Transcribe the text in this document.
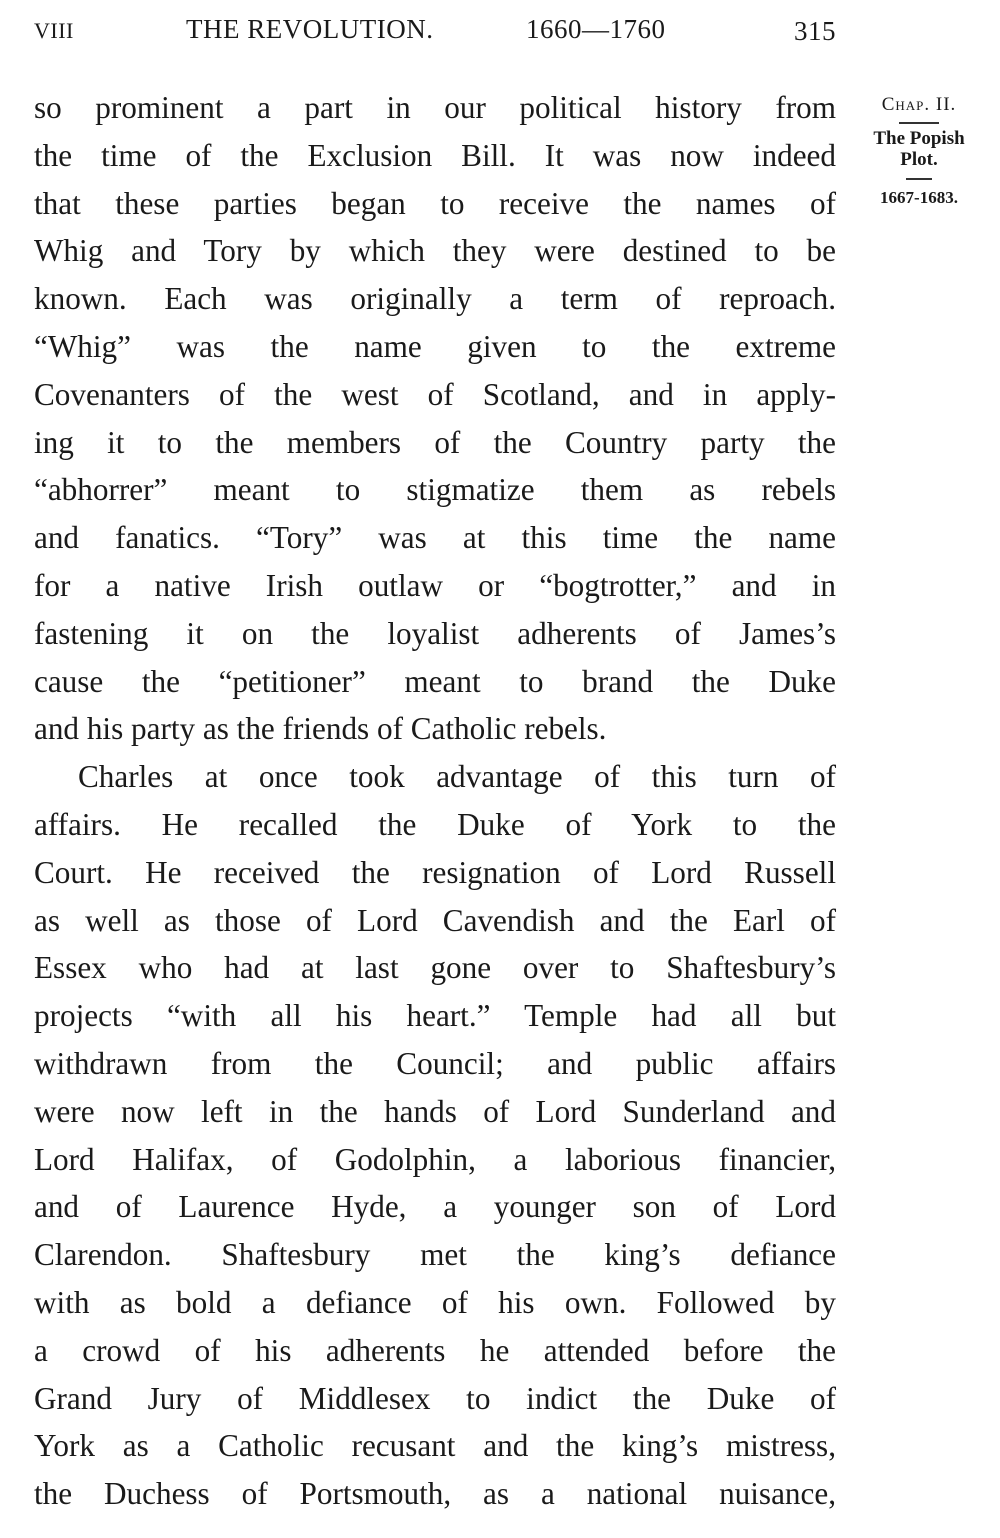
VIII	THE REVOLUTION.	1660—1760	315
Chap. II.
The Popish
Plot.
1667-1683.
so prominent a part in our political history from
the time of the Exclusion Bill. It was now indeed
that these parties began to receive the names of
Whig and Tory by which they were destined to be
known. Each was originally a term of reproach.
“Whig” was the name given to the extreme
Covenanters of the west of Scotland, and in apply-
ing it to the members of the Country party the
“abhorrer” meant to stigmatize them as rebels
and fanatics. “Tory” was at this time the name
for a native Irish outlaw or “bogtrotter,” and in
fastening it on the loyalist adherents of James’s
cause the “petitioner” meant to brand the Duke
and his party as the friends of Catholic rebels.
Charles at once took advantage of this turn of
affairs. He recalled the Duke of York to the
Court. He received the resignation of Lord Russell
as well as those of Lord Cavendish and the Earl of
Essex who had at last gone over to Shaftesbury’s
projects “with all his heart.” Temple had all but
withdrawn from the Council; and public affairs
were now left in the hands of Lord Sunderland and
Lord Halifax, of Godolphin, a laborious financier,
and of Laurence Hyde, a younger son of Lord
Clarendon. Shaftesbury met the king’s defiance
with as bold a defiance of his own. Followed by
a crowd of his adherents he attended before the
Grand Jury of Middlesex to indict the Duke of
York as a Catholic recusant and the king’s mistress,
the Duchess of Portsmouth, as a national nuisance,
